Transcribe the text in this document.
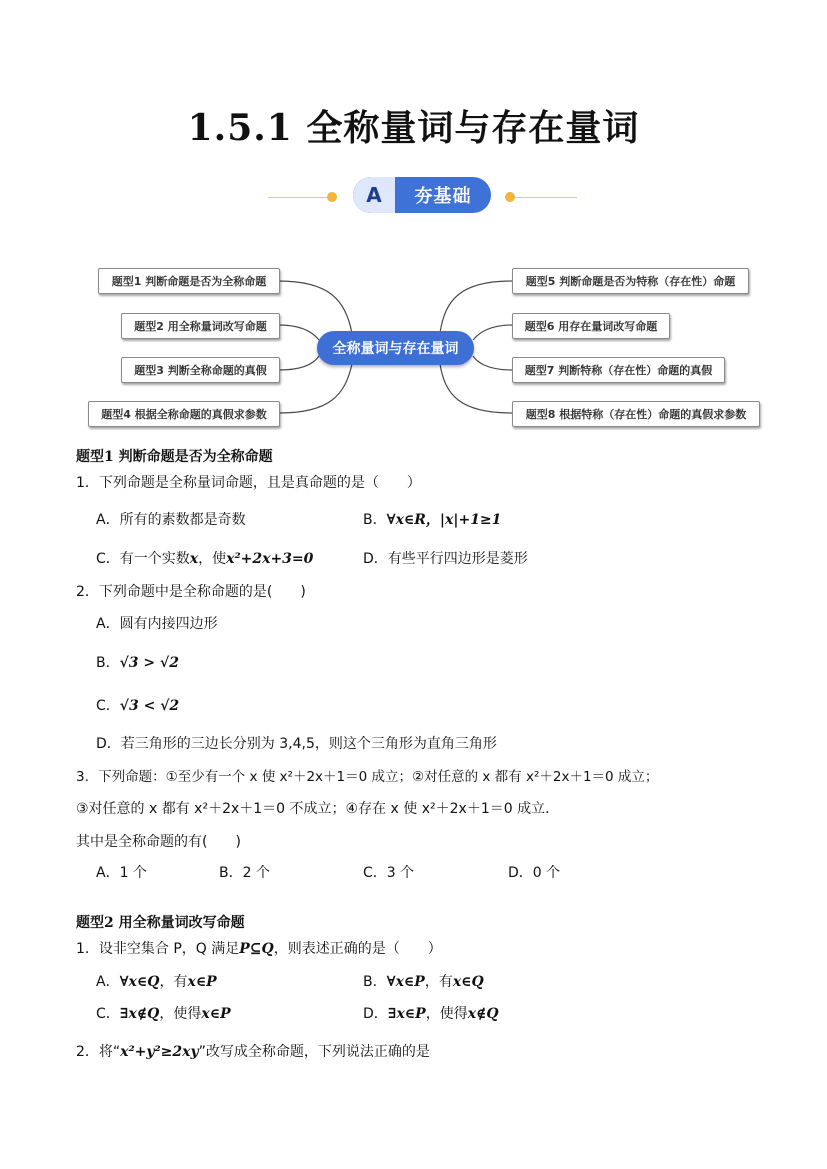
1.5.1 全称量词与存在量词
A	夯基础
题型1 判断命题是否为全称命题
题型2 用全称量词改写命题
题型3 判断全称命题的真假
题型4 根据全称命题的真假求参数
全称量词与存在量词
题型5 判断命题是否为特称（存在性）命题
题型6 用存在量词改写命题
题型7 判断特称（存在性）命题的真假
题型8 根据特称（存在性）命题的真假求参数
题型1 判断命题是否为全称命题
1．下列命题是全称量词命题，且是真命题的是（　　）
A．所有的素数都是奇数	B．∀x∈R，|x|+1≥1
C．有一个实数x，使x²+2x+3=0	D．有些平行四边形是菱形
2．下列命题中是全称命题的是(　　)
A．圆有内接四边形
B．√3 > √2
C．√3 < √2
D．若三角形的三边长分别为 3,4,5，则这个三角形为直角三角形
3．下列命题：①至少有一个 x 使 x²＋2x＋1＝0 成立；②对任意的 x 都有 x²＋2x＋1＝0 成立；
③对任意的 x 都有 x²＋2x＋1＝0 不成立；④存在 x 使 x²＋2x＋1＝0 成立．
其中是全称命题的有(　　)
A．1 个	B．2 个	C．3 个	D．0 个
题型2 用全称量词改写命题
1．设非空集合 P，Q 满足P⊆Q，则表述正确的是（　　）
A．∀x∈Q，有x∈P	B．∀x∈P，有x∈Q
C．∃x∉Q，使得x∈P	D．∃x∈P，使得x∉Q
2．将“x²+y²≥2xy”改写成全称命题，下列说法正确的是
